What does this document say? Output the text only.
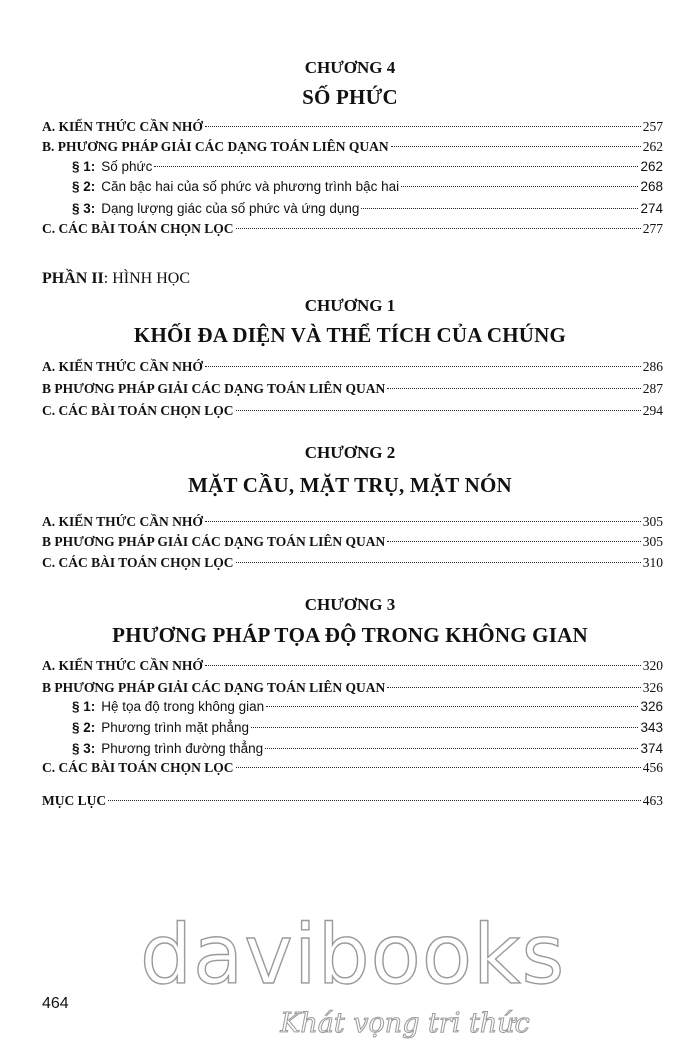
CHƯƠNG 4
SỐ PHỨC
A. KIẾN THỨC CẦN NHỚ	257
B. PHƯƠNG PHÁP GIẢI CÁC DẠNG TOÁN LIÊN QUAN	262
§ 1: Số phức	262
§ 2: Căn bậc hai của số phức và phương trình bậc hai	268
§ 3: Dạng lượng giác của số phức và ứng dụng	274
C. CÁC BÀI TOÁN CHỌN LỌC	277
PHẦN II: HÌNH HỌC
CHƯƠNG 1
KHỐI ĐA DIỆN VÀ THỂ TÍCH CỦA CHÚNG
A. KIẾN THỨC CẦN NHỚ	286
B PHƯƠNG PHÁP GIẢI CÁC DẠNG TOÁN LIÊN QUAN	287
C. CÁC BÀI TOÁN CHỌN LỌC	294
CHƯƠNG 2
MẶT CẦU, MẶT TRỤ, MẶT NÓN
A. KIẾN THỨC CẦN NHỚ	305
B PHƯƠNG PHÁP GIẢI CÁC DẠNG TOÁN LIÊN QUAN	305
C. CÁC BÀI TOÁN CHỌN LỌC	310
CHƯƠNG 3
PHƯƠNG PHÁP TỌA ĐỘ TRONG KHÔNG GIAN
A. KIẾN THỨC CẦN NHỚ	320
B PHƯƠNG PHÁP GIẢI CÁC DẠNG TOÁN LIÊN QUAN	326
§ 1: Hệ tọa độ trong không gian	326
§ 2: Phương trình mặt phẳng	343
§ 3: Phương trình đường thẳng	374
C. CÁC BÀI TOÁN CHỌN LỌC	456
MỤC LỤC	463
davibooks
Khát vọng tri thức
464
